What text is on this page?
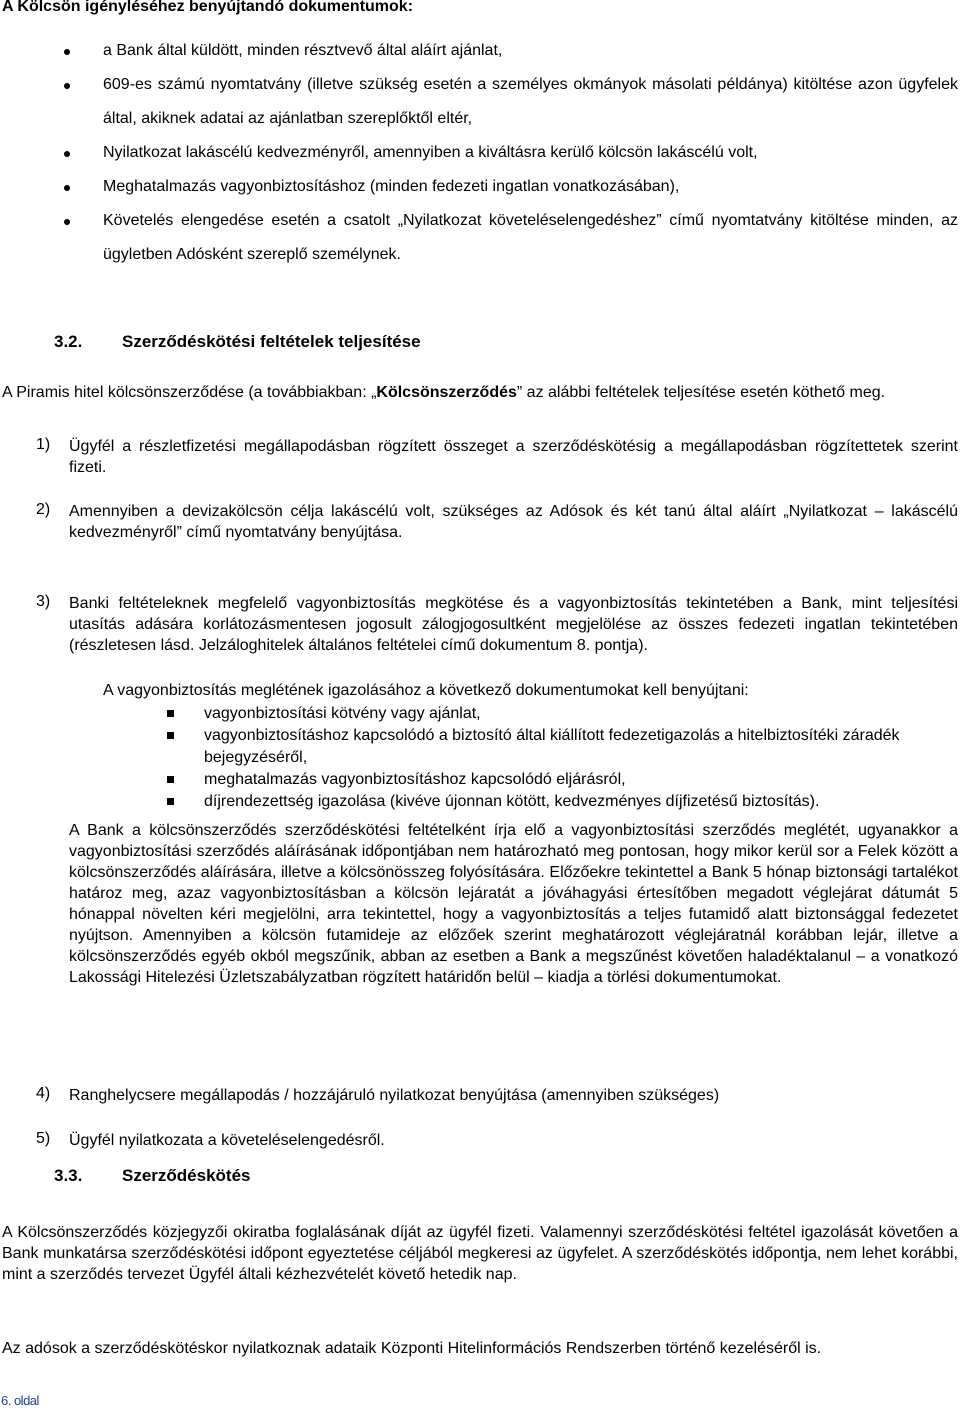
A Kölcsön igényléséhez benyújtandó dokumentumok:

a Bank által küldött, minden résztvevő által aláírt ajánlat,
609-es számú nyomtatvány (illetve szükség esetén a személyes okmányok másolati példánya) kitöltése azon ügyfelek által, akiknek adatai az ajánlatban szereplőktől eltér,
Nyilatkozat lakáscélú kedvezményről, amennyiben a kiváltásra kerülő kölcsön lakáscélú volt,
Meghatalmazás vagyonbiztosításhoz (minden fedezeti ingatlan vonatkozásában),
Követelés elengedése esetén a csatolt „Nyilatkozat követeléselengedéshez” című nyomtatvány kitöltése minden, az ügyletben Adósként szereplő személynek.
3.2. Szerződéskötési feltételek teljesítése

A Piramis hitel kölcsönszerződése (a továbbiakban: „Kölcsönszerződés” az alábbi feltételek teljesítése esetén köthető meg.

1) Ügyfél a részletfizetési megállapodásban rögzített összeget a szerződéskötésig a megállapodásban rögzítettetek szerint fizeti.
2) Amennyiben a devizakölcsön célja lakáscélú volt, szükséges az Adósok és két tanú által aláírt „Nyilatkozat – lakáscélú kedvezményről” című nyomtatvány benyújtása.
3) Banki feltételeknek megfelelő vagyonbiztosítás megkötése és a vagyonbiztosítás tekintetében a Bank, mint teljesítési utasítás adására korlátozásmentesen jogosult zálogjogosultként megjelölése az összes fedezeti ingatlan tekintetében (részletesen lásd. Jelzáloghitelek általános feltételei című dokumentum 8. pontja).
A vagyonbiztosítás meglétének igazolásához a következő dokumentumokat kell benyújtani:
vagyonbiztosítási kötvény vagy ajánlat,
vagyonbiztosításhoz kapcsolódó a biztosító által kiállított fedezetigazolás a hitelbiztosítéki záradék bejegyzéséről,
meghatalmazás vagyonbiztosításhoz kapcsolódó eljárásról,
díjrendezettség igazolása (kivéve újonnan kötött, kedvezményes díjfizetésű biztosítás).

A Bank a kölcsönszerződés szerződéskötési feltételként írja elő a vagyonbiztosítási szerződés meglétét, ugyanakkor a vagyonbiztosítási szerződés aláírásának időpontjában nem határozható meg pontosan, hogy mikor kerül sor a Felek között a kölcsönszerződés aláírására, illetve a kölcsönösszeg folyósítására. Előzőekre tekintettel a Bank 5 hónap biztonsági tartalékot határoz meg, azaz vagyonbiztosításban a kölcsön lejáratát a jóváhagyási értesítőben megadott véglejárat dátumát 5 hónappal növelten kéri megjelölni, arra tekintettel, hogy a vagyonbiztosítás a teljes futamidő alatt biztonsággal fedezetet nyújtson. Amennyiben a kölcsön futamideje az előzőek szerint meghatározott véglejáratnál korábban lejár, illetve a kölcsönszerződés egyéb okból megszűnik, abban az esetben a Bank a megszűnést követően haladéktalanul – a vonatkozó Lakossági Hitelezési Üzletszabályzatban rögzített határidőn belül – kiadja a törlési dokumentumokat.

4) Ranghelycsere megállapodás / hozzájáruló nyilatkozat benyújtása (amennyiben szükséges)
5) Ügyfél nyilatkozata a követeléselengedésről.
3.3. Szerződéskötés

A Kölcsönszerződés közjegyzői okiratba foglalásának díját az ügyfél fizeti. Valamennyi szerződéskötési feltétel igazolását követően a Bank munkatársa szerződéskötési időpont egyeztetése céljából megkeresi az ügyfelet. A szerződéskötés időpontja, nem lehet korábbi, mint a szerződés tervezet Ügyfél általi kézhezvételét követő hetedik nap.

Az adósok a szerződéskötéskor nyilatkoznak adataik Központi Hitelinformációs Rendszerben történő kezeléséről is.

6. oldal
